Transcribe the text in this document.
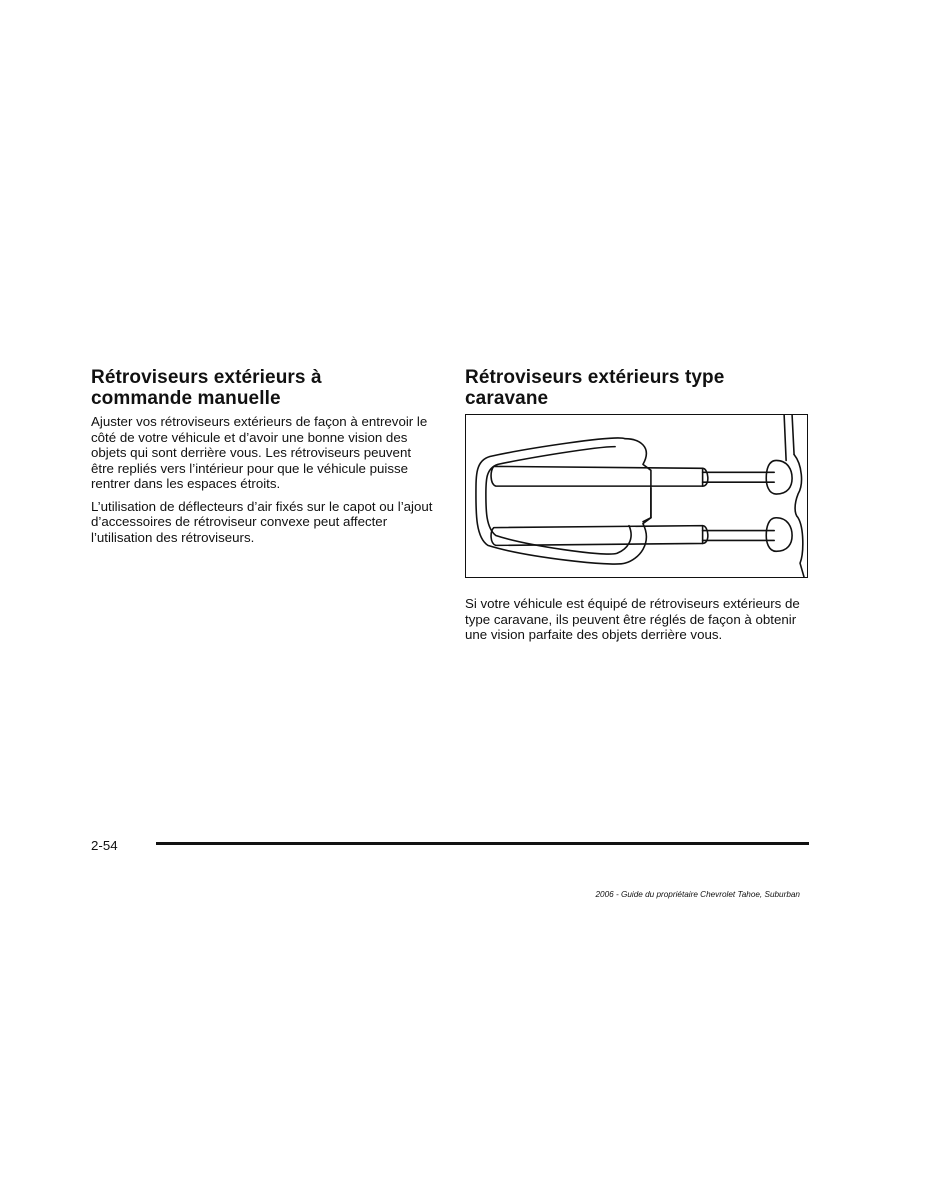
Rétroviseurs extérieurs à
commande manuelle

Ajuster vos rétroviseurs extérieurs de façon à entrevoir le côté de votre véhicule et d’avoir une bonne vision des objets qui sont derrière vous. Les rétroviseurs peuvent être repliés vers l’intérieur pour que le véhicule puisse rentrer dans les espaces étroits.

L’utilisation de déflecteurs d’air fixés sur le capot ou l’ajout d’accessoires de rétroviseur convexe peut affecter l’utilisation des rétroviseurs.

Rétroviseurs extérieurs type
caravane

Si votre véhicule est équipé de rétroviseurs extérieurs de type caravane, ils peuvent être réglés de façon à obtenir une vision parfaite des objets derrière vous.

2-54
2006 - Guide du propriétaire Chevrolet Tahoe, Suburban
